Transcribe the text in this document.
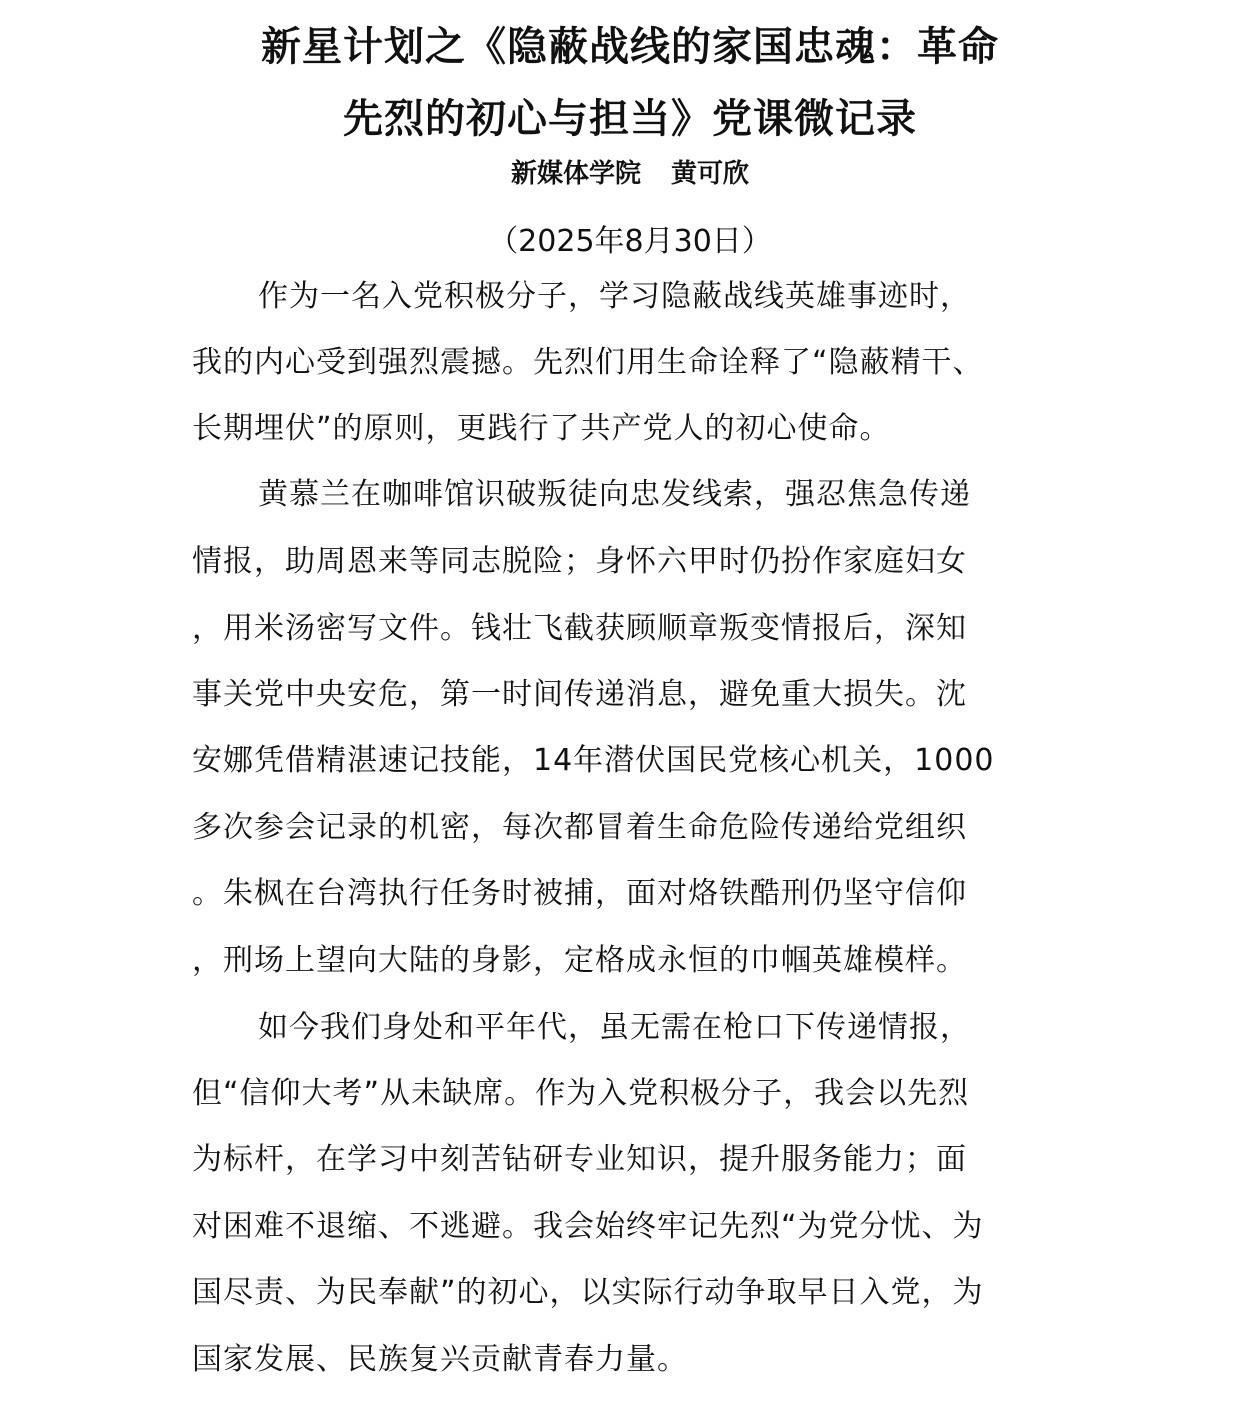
新星计划之《隐蔽战线的家国忠魂：革命
先烈的初心与担当》党课微记录

新媒体学院 黄可欣

（2025年8月30日）

作为一名入党积极分子，学习隐蔽战线英雄事迹时，

我的内心受到强烈震撼。先烈们用生命诠释了“隐蔽精干、

长期埋伏”的原则，更践行了共产党人的初心使命。

黄慕兰在咖啡馆识破叛徒向忠发线索，强忍焦急传递

情报，助周恩来等同志脱险；身怀六甲时仍扮作家庭妇女

，用米汤密写文件。钱壮飞截获顾顺章叛变情报后，深知

事关党中央安危，第一时间传递消息，避免重大损失。沈

安娜凭借精湛速记技能，14年潜伏国民党核心机关，1000

多次参会记录的机密，每次都冒着生命危险传递给党组织

。朱枫在台湾执行任务时被捕，面对烙铁酷刑仍坚守信仰

，刑场上望向大陆的身影，定格成永恒的巾帼英雄模样。

如今我们身处和平年代，虽无需在枪口下传递情报，

但“信仰大考”从未缺席。作为入党积极分子，我会以先烈

为标杆，在学习中刻苦钻研专业知识，提升服务能力；面

对困难不退缩、不逃避。我会始终牢记先烈“为党分忧、为

国尽责、为民奉献”的初心，以实际行动争取早日入党，为

国家发展、民族复兴贡献青春力量。
